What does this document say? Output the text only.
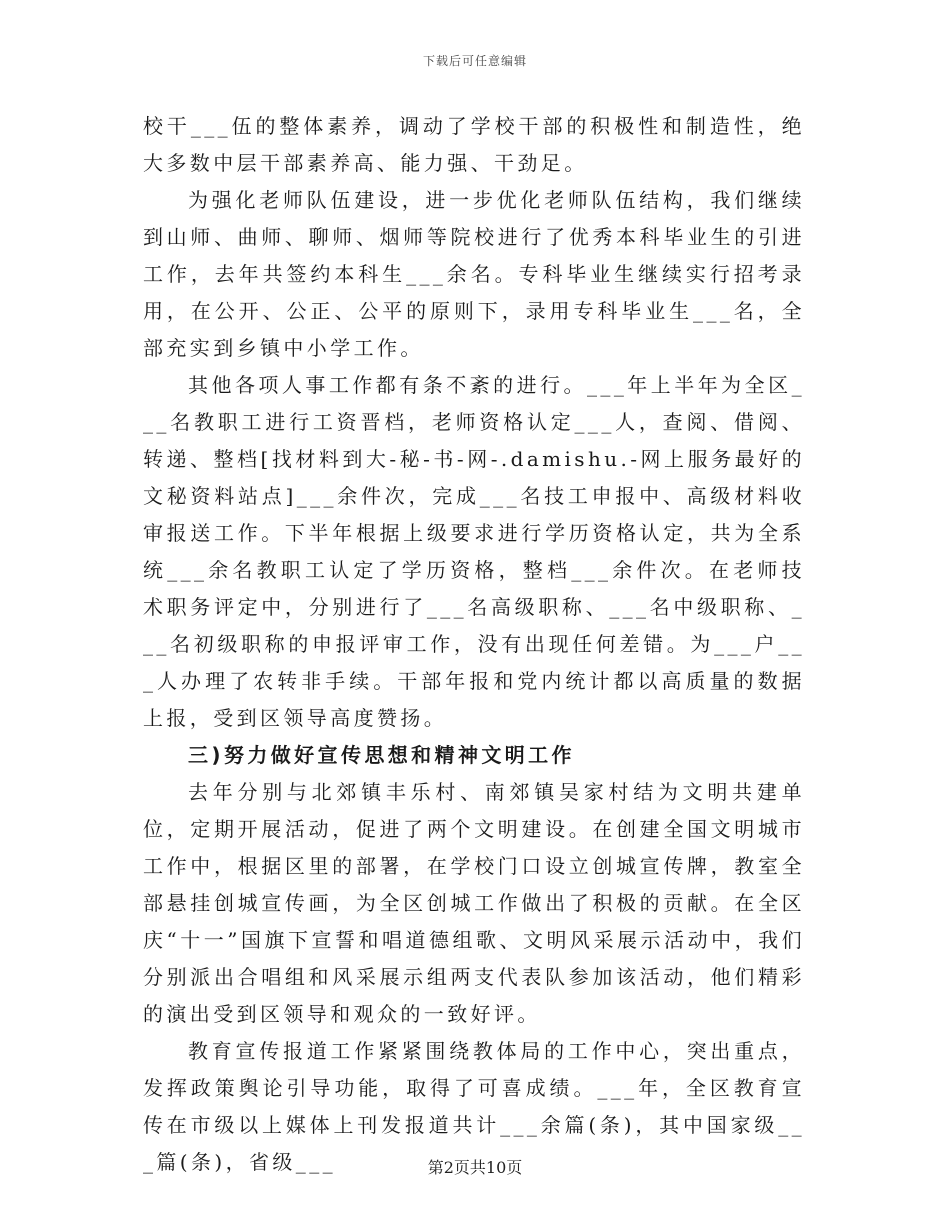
下载后可任意编辑

校干___伍的整体素养，调动了学校干部的积极性和制造性，绝大多数中层干部素养高、能力强、干劲足。

为强化老师队伍建设，进一步优化老师队伍结构，我们继续到山师、曲师、聊师、烟师等院校进行了优秀本科毕业生的引进工作，去年共签约本科生___余名。专科毕业生继续实行招考录用，在公开、公正、公平的原则下，录用专科毕业生___名，全部充实到乡镇中小学工作。

其他各项人事工作都有条不紊的进行。___年上半年为全区___名教职工进行工资晋档，老师资格认定___人，查阅、借阅、转递、整档[找材料到大-秘-书-网-.damishu.-网上服务最好的文秘资料站点]___余件次，完成___名技工申报中、高级材料收审报送工作。下半年根据上级要求进行学历资格认定，共为全系统___余名教职工认定了学历资格，整档___余件次。在老师技术职务评定中，分别进行了___名高级职称、___名中级职称、___名初级职称的申报评审工作，没有出现任何差错。为___户___人办理了农转非手续。干部年报和党内统计都以高质量的数据上报，受到区领导高度赞扬。

三)努力做好宣传思想和精神文明工作

去年分别与北郊镇丰乐村、南郊镇吴家村结为文明共建单位，定期开展活动，促进了两个文明建设。在创建全国文明城市工作中，根据区里的部署，在学校门口设立创城宣传牌，教室全部悬挂创城宣传画，为全区创城工作做出了积极的贡献。在全区庆“十一”国旗下宣誓和唱道德组歌、文明风采展示活动中，我们分别派出合唱组和风采展示组两支代表队参加该活动，他们精彩的演出受到区领导和观众的一致好评。

教育宣传报道工作紧紧围绕教体局的工作中心，突出重点，发挥政策舆论引导功能，取得了可喜成绩。___年，全区教育宣传在市级以上媒体上刊发报道共计___余篇(条)，其中国家级___篇(条)，省级___	第2页共10页
